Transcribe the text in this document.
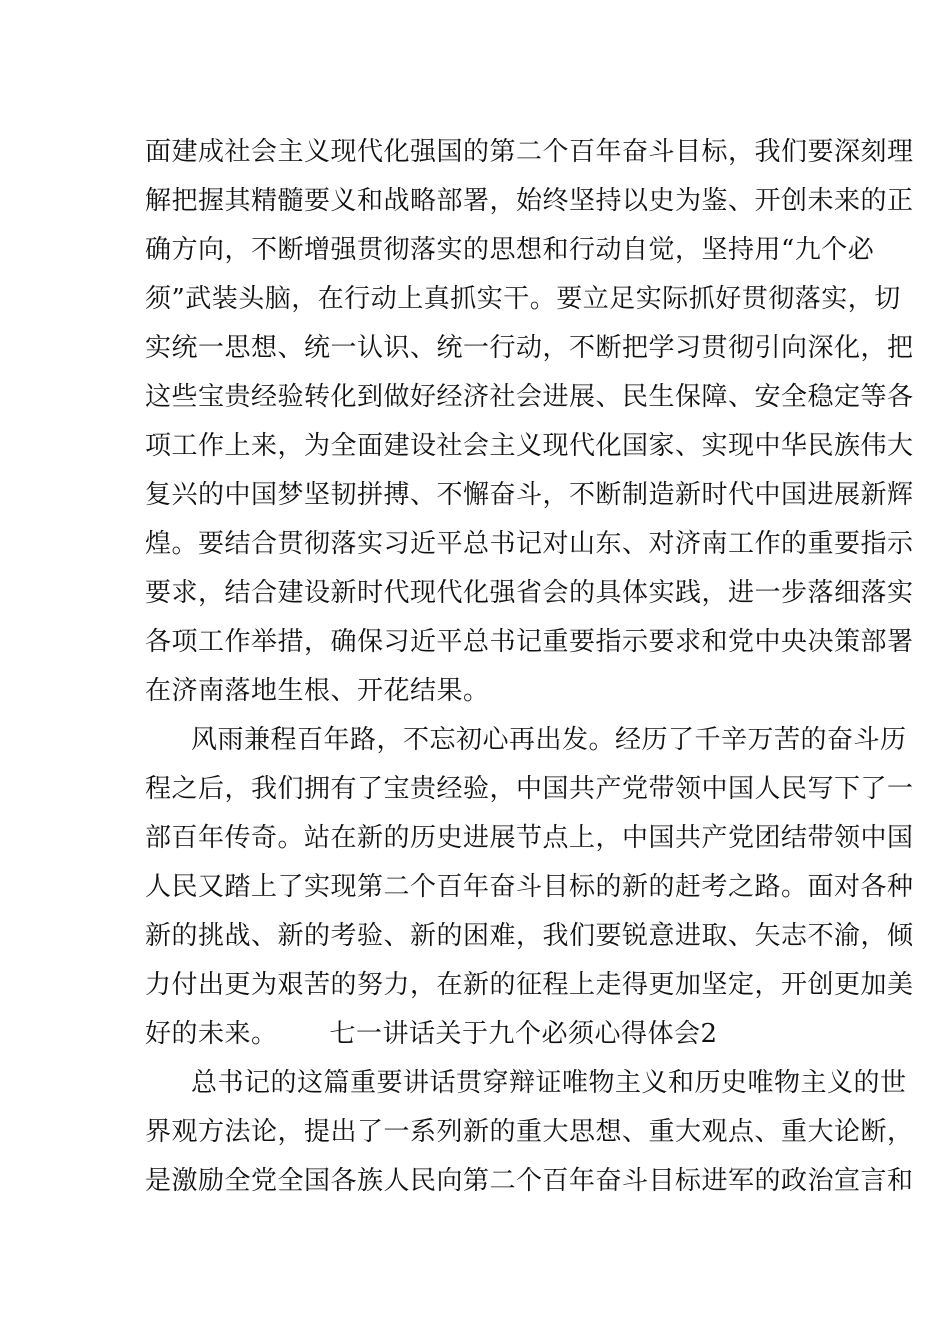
面建成社会主义现代化强国的第二个百年奋斗目标，我们要深刻理
解把握其精髓要义和战略部署，始终坚持以史为鉴、开创未来的正
确方向，不断增强贯彻落实的思想和行动自觉，坚持用“九个必
须”武装头脑，在行动上真抓实干。要立足实际抓好贯彻落实，切
实统一思想、统一认识、统一行动，不断把学习贯彻引向深化，把
这些宝贵经验转化到做好经济社会进展、民生保障、安全稳定等各
项工作上来，为全面建设社会主义现代化国家、实现中华民族伟大
复兴的中国梦坚韧拼搏、不懈奋斗，不断制造新时代中国进展新辉
煌。要结合贯彻落实习近平总书记对山东、对济南工作的重要指示
要求，结合建设新时代现代化强省会的具体实践，进一步落细落实
各项工作举措，确保习近平总书记重要指示要求和党中央决策部署
在济南落地生根、开花结果。
风雨兼程百年路，不忘初心再出发。经历了千辛万苦的奋斗历
程之后，我们拥有了宝贵经验，中国共产党带领中国人民写下了一
部百年传奇。站在新的历史进展节点上，中国共产党团结带领中国
人民又踏上了实现第二个百年奋斗目标的新的赶考之路。面对各种
新的挑战、新的考验、新的困难，我们要锐意进取、矢志不渝，倾
力付出更为艰苦的努力，在新的征程上走得更加坚定，开创更加美
好的未来。 七一讲话关于九个必须心得体会2
总书记的这篇重要讲话贯穿辩证唯物主义和历史唯物主义的世
界观方法论，提出了一系列新的重大思想、重大观点、重大论断，
是激励全党全国各族人民向第二个百年奋斗目标进军的政治宣言和
